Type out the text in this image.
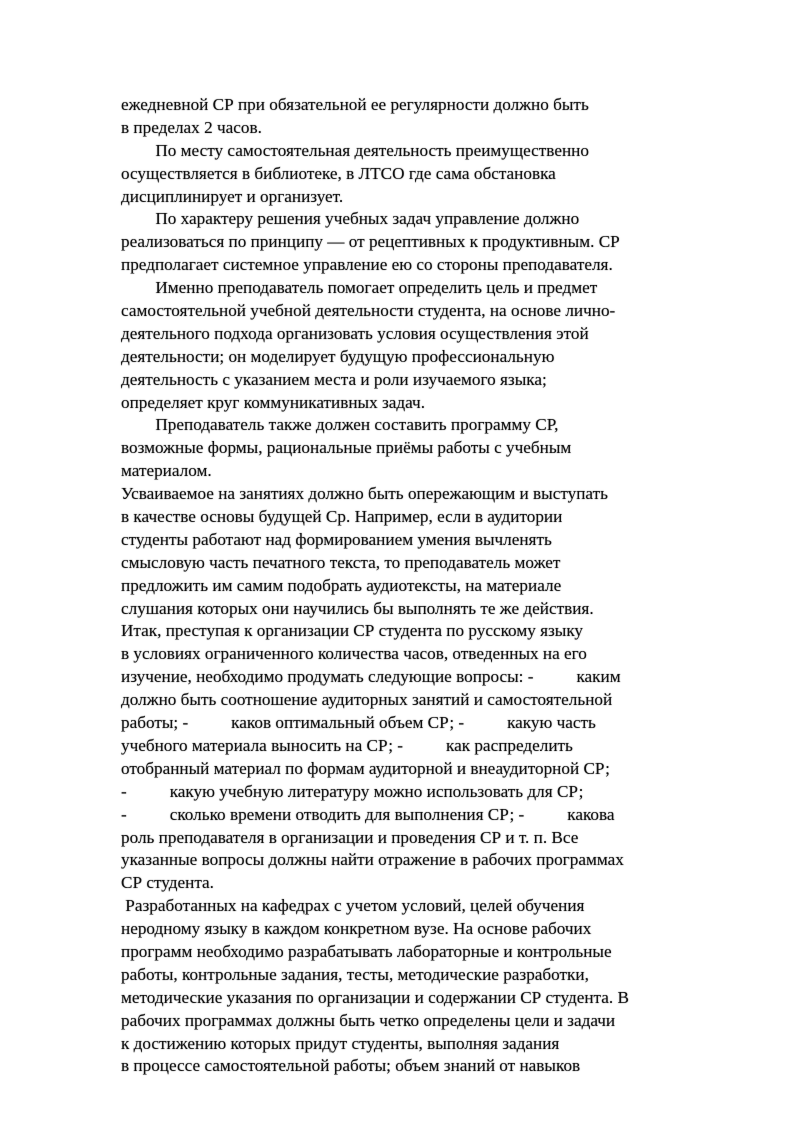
ежедневной СР при обязательной ее регулярности должно быть
в пределах 2 часов.
По месту самостоятельная деятельность преимущественно
осуществляется в библиотеке, в ЛТСО где сама обстановка
дисциплинирует и организует.
По характеру решения учебных задач управление должно
реализоваться по принципу — от рецептивных к продуктивным. СР
предполагает системное управление ею со стороны преподавателя.
Именно преподаватель помогает определить цель и предмет
самостоятельной учебной деятельности студента, на основе лично-
деятельного подхода организовать условия осуществления этой
деятельности; он моделирует будущую профессиональную
деятельность с указанием места и роли изучаемого языка;
определяет круг коммуникативных задач.
Преподаватель также должен составить программу СР,
возможные формы, рациональные приёмы работы с учебным
материалом.
Усваиваемое на занятиях должно быть опережающим и выступать
в качестве основы будущей Ср. Например, если в аудитории
студенты работают над формированием умения вычленять
смысловую часть печатного текста, то преподаватель может
предложить им самим подобрать аудиотексты, на материале
слушания которых они научились бы выполнять те же действия.
Итак, преступая к организации СР студента по русскому языку
в условиях ограниченного количества часов, отведенных на его
изучение, необходимо продумать следующие вопросы: -          каким
должно быть соотношение аудиторных занятий и самостоятельной
работы; -          каков оптимальный объем СР; -          какую часть
учебного материала выносить на СР; -          как распределить
отобранный материал по формам аудиторной и внеаудиторной СР;
-          какую учебную литературу можно использовать для СР;
-          сколько времени отводить для выполнения СР; -          какова
роль преподавателя в организации и проведения СР и т. п. Все
указанные вопросы должны найти отражение в рабочих программах
СР студента.
Разработанных на кафедрах с учетом условий, целей обучения
неродному языку в каждом конкретном вузе. На основе рабочих
программ необходимо разрабатывать лабораторные и контрольные
работы, контрольные задания, тесты, методические разработки,
методические указания по организации и содержании СР студента. В
рабочих программах должны быть четко определены цели и задачи
к достижению которых придут студенты, выполняя задания
в процессе самостоятельной работы; объем знаний от навыков
